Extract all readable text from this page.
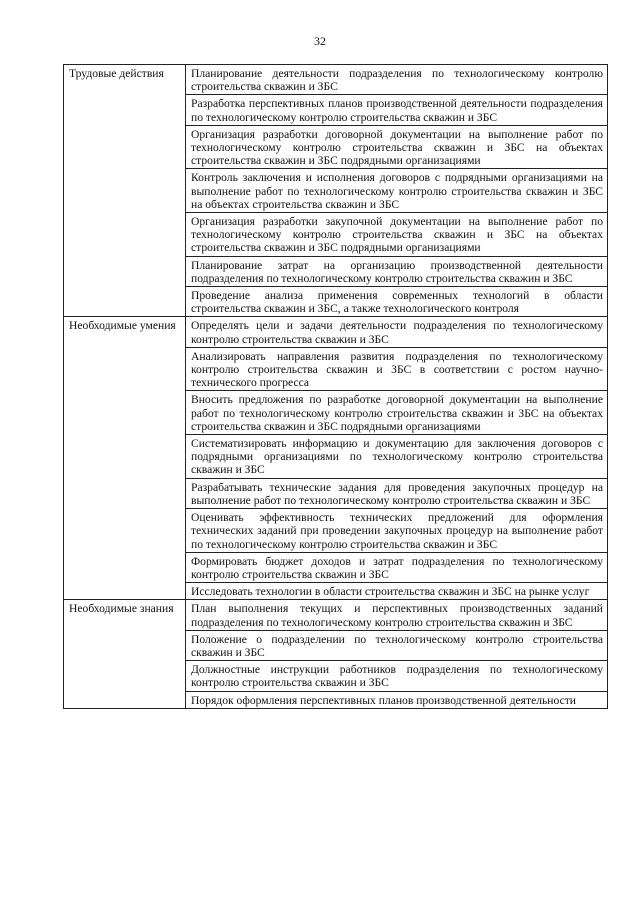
32
Трудовые действия	Планирование деятельности подразделения по технологическому контролю строительства скважин и ЗБС
	Разработка перспективных планов производственной деятельности подразделения по технологическому контролю строительства скважин и ЗБС
	Организация разработки договорной документации на выполнение работ по технологическому контролю строительства скважин и ЗБС на объектах строительства скважин и ЗБС подрядными организациями
	Контроль заключения и исполнения договоров с подрядными организациями на выполнение работ по технологическому контролю строительства скважин и ЗБС на объектах строительства скважин и ЗБС
	Организация разработки закупочной документации на выполнение работ по технологическому контролю строительства скважин и ЗБС на объектах строительства скважин и ЗБС подрядными организациями
	Планирование затрат на организацию производственной деятельности подразделения по технологическому контролю строительства скважин и ЗБС
	Проведение анализа применения современных технологий в области строительства скважин и ЗБС, а также технологического контроля
Необходимые умения	Определять цели и задачи деятельности подразделения по технологическому контролю строительства скважин и ЗБС
	Анализировать направления развития подразделения по технологическому контролю строительства скважин и ЗБС в соответствии с ростом научно-технического прогресса
	Вносить предложения по разработке договорной документации на выполнение работ по технологическому контролю строительства скважин и ЗБС на объектах строительства скважин и ЗБС подрядными организациями
	Систематизировать информацию и документацию для заключения договоров с подрядными организациями по технологическому контролю строительства скважин и ЗБС
	Разрабатывать технические задания для проведения закупочных процедур на выполнение работ по технологическому контролю строительства скважин и ЗБС
	Оценивать эффективность технических предложений для оформления технических заданий при проведении закупочных процедур на выполнение работ по технологическому контролю строительства скважин и ЗБС
	Формировать бюджет доходов и затрат подразделения по технологическому контролю строительства скважин и ЗБС
	Исследовать технологии в области строительства скважин и ЗБС на рынке услуг
Необходимые знания	План выполнения текущих и перспективных производственных заданий подразделения по технологическому контролю строительства скважин и ЗБС
	Положение о подразделении по технологическому контролю строительства скважин и ЗБС
	Должностные инструкции работников подразделения по технологическому контролю строительства скважин и ЗБС
	Порядок оформления перспективных планов производственной деятельности
